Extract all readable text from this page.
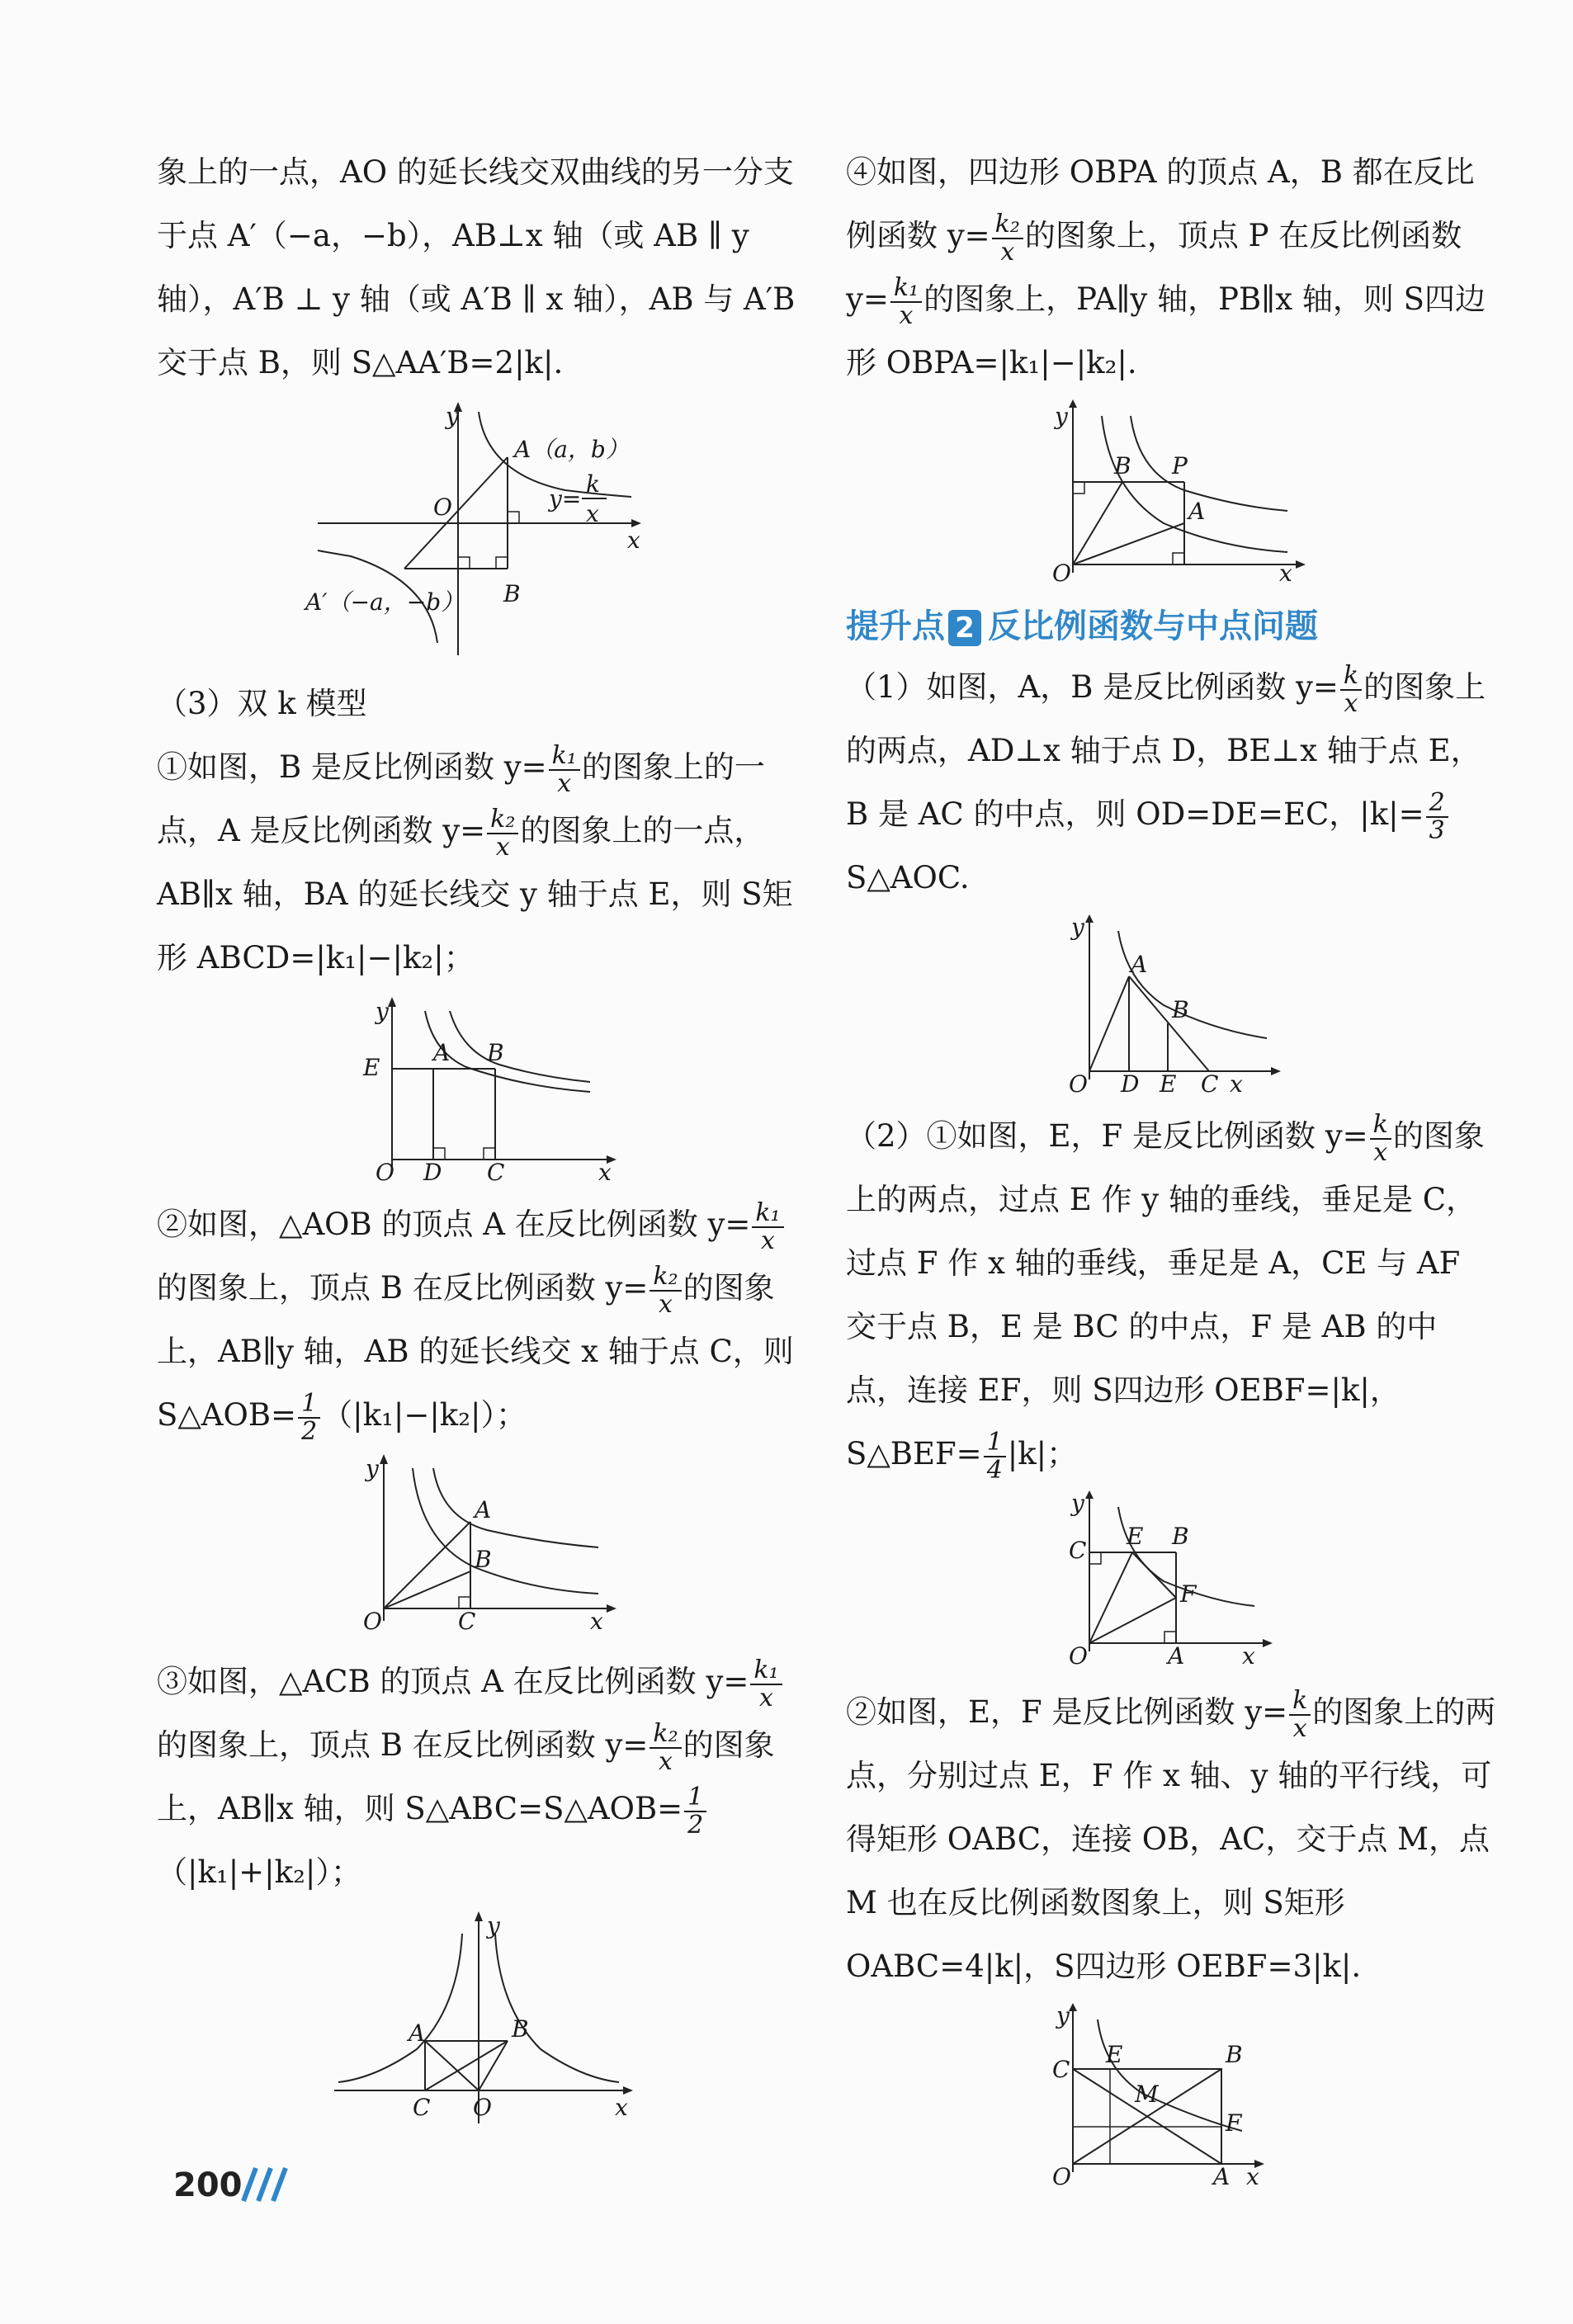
象上的一点，AO 的延长线交双曲线的另一分支于点 A′（−a，−b），AB⊥x 轴（或 AB ∥ y 轴），A′B ⊥ y 轴（或 A′B ∥ x 轴），AB 与 A′B 交于点 B，则 S△AA′B=2|k|.

y
x
O
A（a，b）
B
A′（−a，−b）
y=
k
x

（3）双 k 模型

①如图，B 是反比例函数 $y= \frac{\text{k₁}}{x}$ 的图象上的一点，A 是反比例函数 $y= \frac{\text{k₂}}{x}$ 的图象上的一点，AB∥x 轴，BA 的延长线交 y 轴于点 E，则 S矩形 ABCD=|k₁|−|k₂|；

y
E
O D C	x
A B

②如图，△AOB 的顶点 A 在反比例函数 $y= \frac{\text{k₁}}{x}$
的图象上，顶点 B 在反比例函数 $y= \frac{\text{k₂}}{x}$ 的图象上，AB∥y 轴，AB 的延长线交 x 轴于点 C，则 S△AOB= $\frac{1}{2} (|k_1|-|k_2|)$；

y
O	C	x
A
B

③如图，△ACB 的顶点 A 在反比例函数 $y= \frac{\text{k₁}}{x}$
的图象上，顶点 B 在反比例函数 $y= \frac{\text{k₂}}{x}$ 的图象上，AB∥x 轴，则 S△ABC=S△AOB= $\frac{1}{2}$
（|k₁|+|k₂|）；

y
A	B
C O	x

④如图，四边形 OBPA 的顶点 A，B 都在反比例函数 $y= \frac{\text{k₂}}{x}$ 的图象上，顶点 P 在反比例函数 $y= \frac{\text{k₁}}{x}$ 的图象上，PA∥y 轴，PB∥x 轴，则 S四边形 OBPA=|k₁|−|k₂|.

y
O
B P
A
x
提升点 2 反比例函数与中点问题

（1）如图，A，B 是反比例函数 $y= \frac{k}{x}$ 的图象上的两点，AD⊥x 轴于点 D，BE⊥x 轴于点 E，B 是 AC 的中点，则 OD=DE=EC，$|k|= \frac{2}{3}$
S△AOC.

y
O D E C x
A
B

（2）①如图，E，F 是反比例函数 $y= \frac{k}{x}$ 的图象上的两点，过点 E 作 y 轴的垂线，垂足是 C，过点 F 作 x 轴的垂线，垂足是 A，CE 与 AF 交于点 B，E 是 BC 的中点，F 是 AB 的中点，连接 EF，则 S四边形 OEBF=|k|，S△BEF= $\frac{1}{4} |k|$；

y
C
E B
F
O	A x

②如图，E，F 是反比例函数 $y= \frac{k}{x}$ 的图象上的两点，分别过点 E，F 作 x 轴、y 轴的平行线，可得矩形 OABC，连接 OB，AC，交于点 M，点 M 也在反比例函数图象上，则 S矩形 OABC=4|k|，S四边形 OEBF=3|k|.

y
C
E	B
M
F
O	A x
200
